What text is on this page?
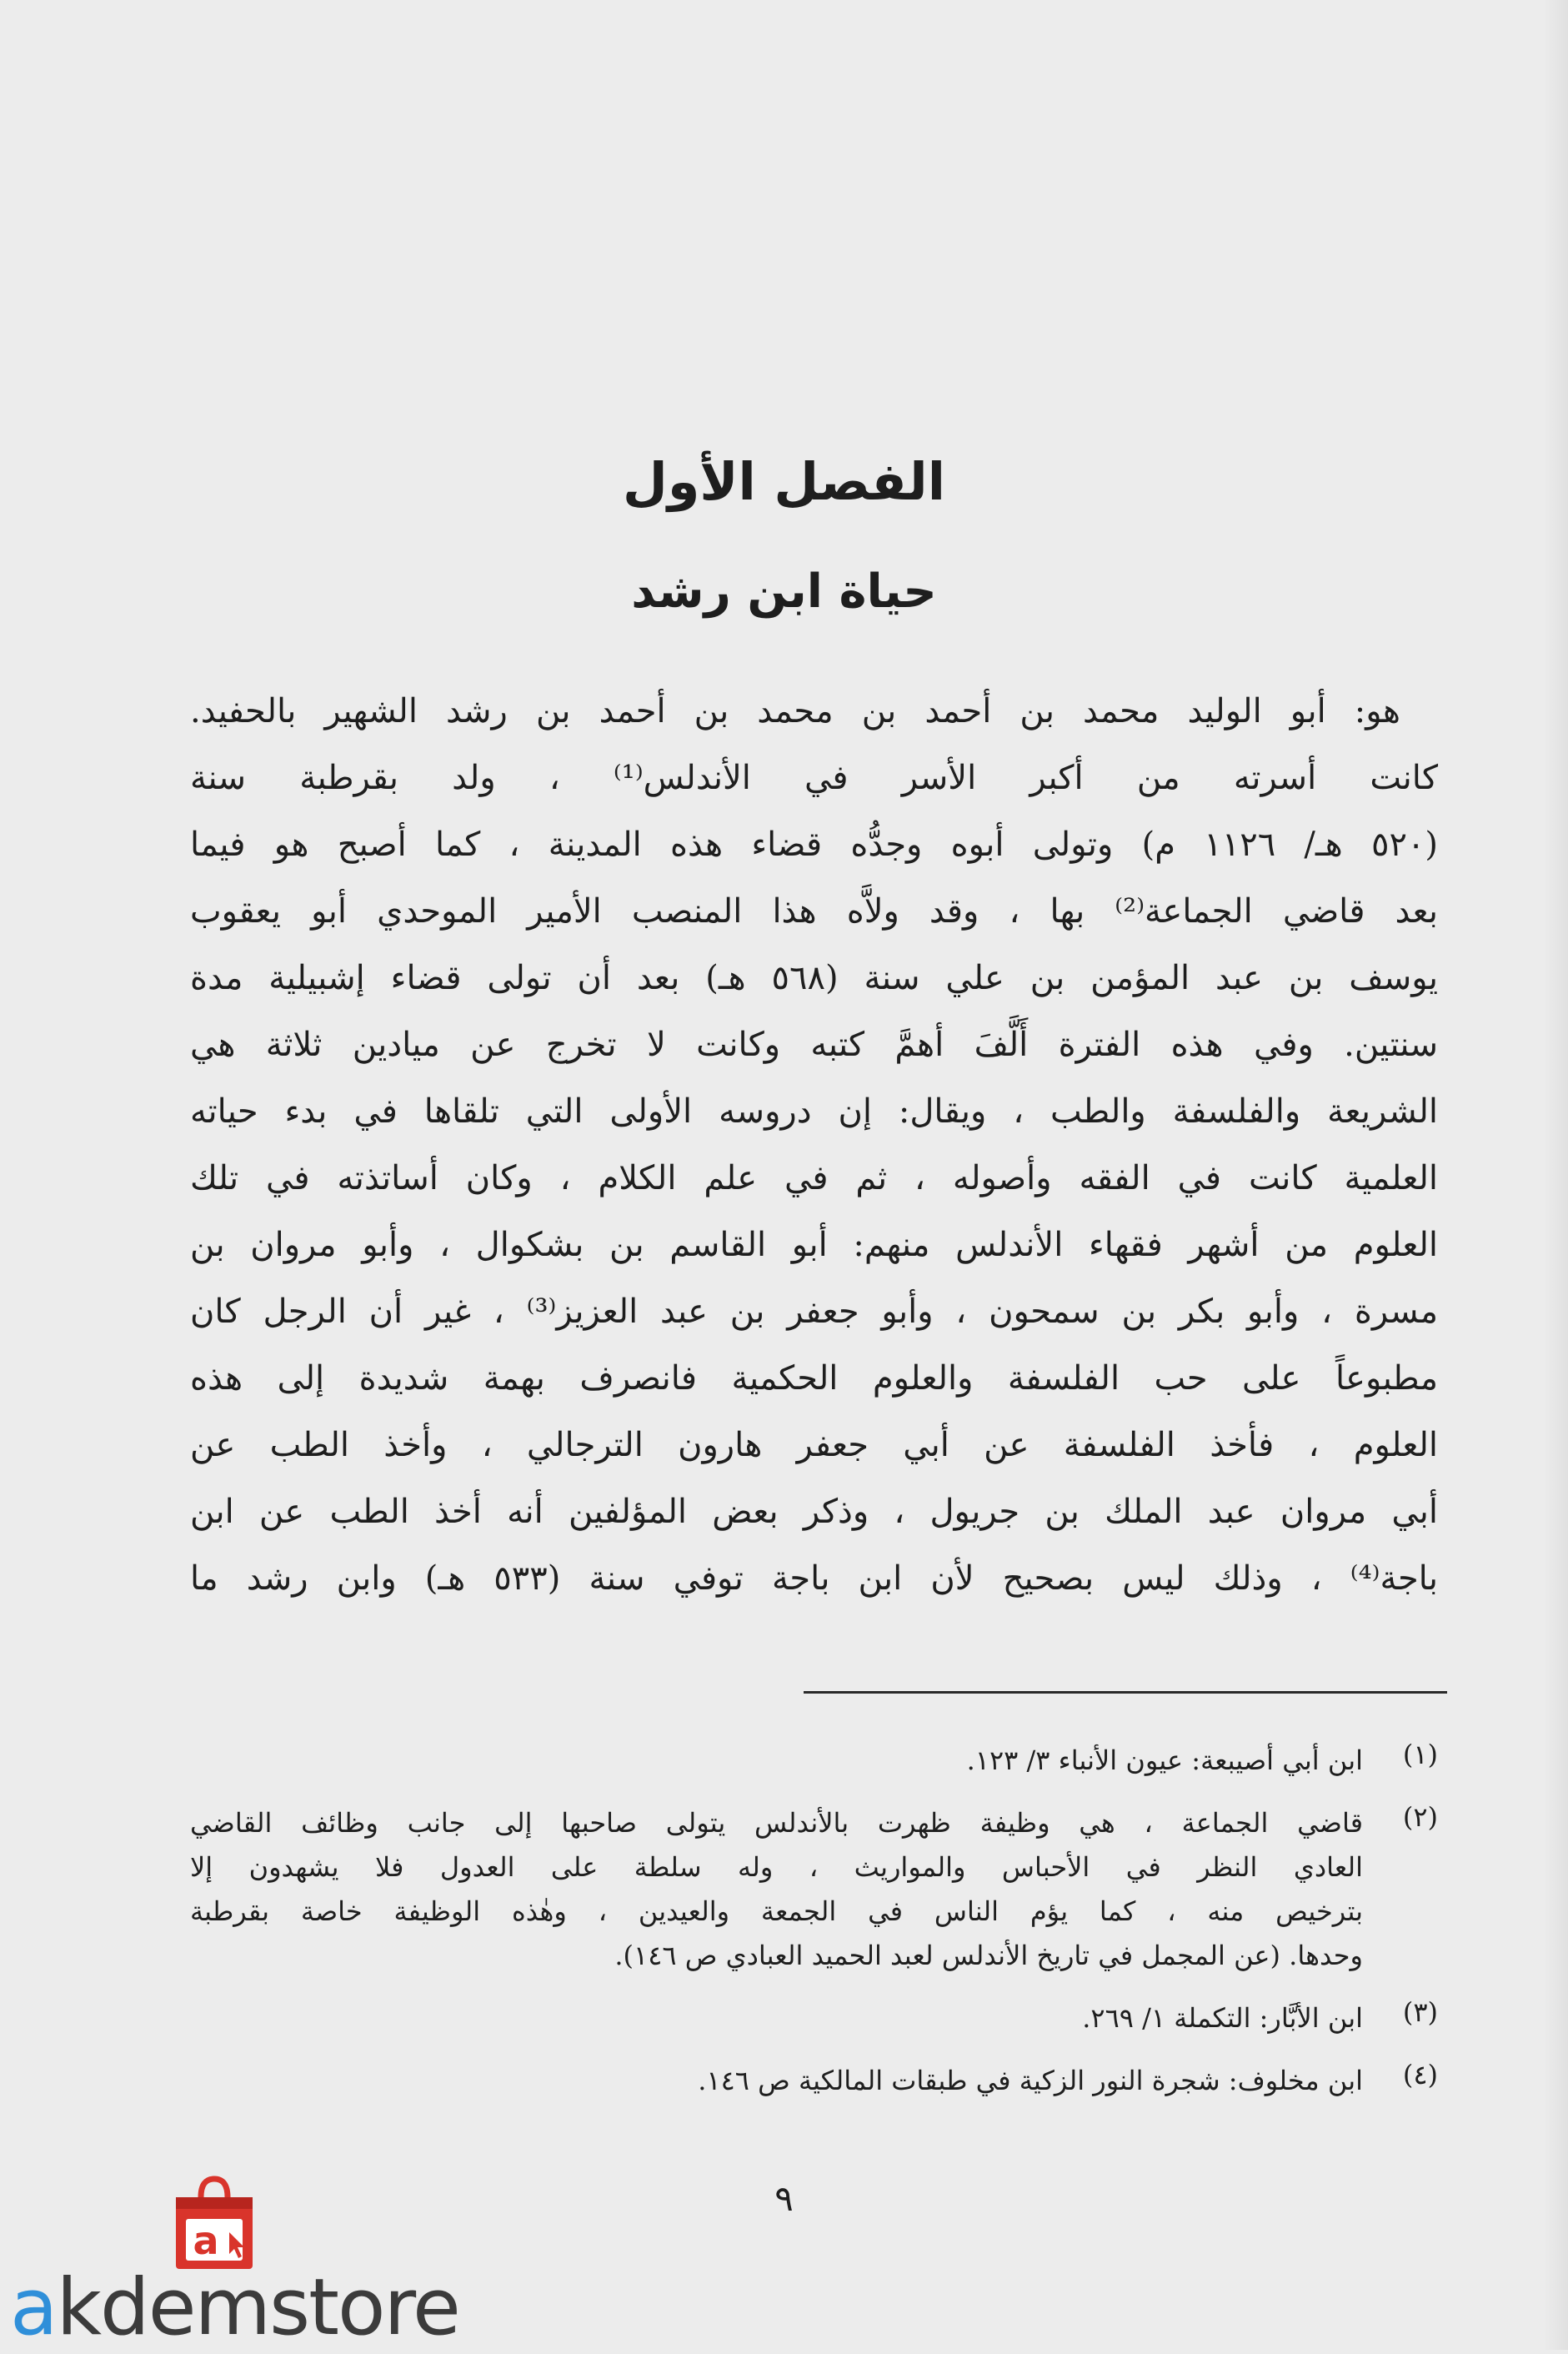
الفصل الأول
حياة ابن رشد
هو: أبو الوليد محمد بن أحمد بن محمد بن أحمد بن رشد الشهير بالحفيد.
كانت أسرته من أكبر الأسر في الأندلس⁽¹⁾ ، ولد بقرطبة سنة
(٥٢٠ هـ/ ١١٢٦ م) وتولى أبوه وجدُّه قضاء هذه المدينة ، كما أصبح هو فيما
بعد قاضي الجماعة⁽²⁾ بها ، وقد ولاَّه هذا المنصب الأمير الموحدي أبو يعقوب
يوسف بن عبد المؤمن بن علي سنة (٥٦٨ هـ) بعد أن تولى قضاء إشبيلية مدة
سنتين. وفي هذه الفترة أَلَّفَ أهمَّ كتبه وكانت لا تخرج عن ميادين ثلاثة هي
الشريعة والفلسفة والطب ، ويقال: إن دروسه الأولى التي تلقاها في بدء حياته
العلمية كانت في الفقه وأصوله ، ثم في علم الكلام ، وكان أساتذته في تلك
العلوم من أشهر فقهاء الأندلس منهم: أبو القاسم بن بشكوال ، وأبو مروان بن
مسرة ، وأبو بكر بن سمحون ، وأبو جعفر بن عبد العزيز⁽³⁾ ، غير أن الرجل كان
مطبوعاً على حب الفلسفة والعلوم الحكمية فانصرف بهمة شديدة إلى هذه
العلوم ، فأخذ الفلسفة عن أبي جعفر هارون الترجالي ، وأخذ الطب عن
أبي مروان عبد الملك بن جريول ، وذكر بعض المؤلفين أنه أخذ الطب عن ابن
باجة⁽⁴⁾ ، وذلك ليس بصحيح لأن ابن باجة توفي سنة (٥٣٣ هـ) وابن رشد ما
(١)
ابن أبي أصيبعة: عيون الأنباء ٣/ ١٢٣.
(٢)
قاضي الجماعة ، هي وظيفة ظهرت بالأندلس يتولى صاحبها إلى جانب وظائف القاضي
العادي النظر في الأحباس والمواريث ، وله سلطة على العدول فلا يشهدون إلا
بترخيص منه ، كما يؤم الناس في الجمعة والعيدين ، وهٰذه الوظيفة خاصة بقرطبة
وحدها. (عن المجمل في تاريخ الأندلس لعبد الحميد العبادي ص ١٤٦).
(٣)
ابن الأبَّار: التكملة ١/ ٢٦٩.
(٤)
ابن مخلوف: شجرة النور الزكية في طبقات المالكية ص ١٤٦.
٩
a
akdemstore
